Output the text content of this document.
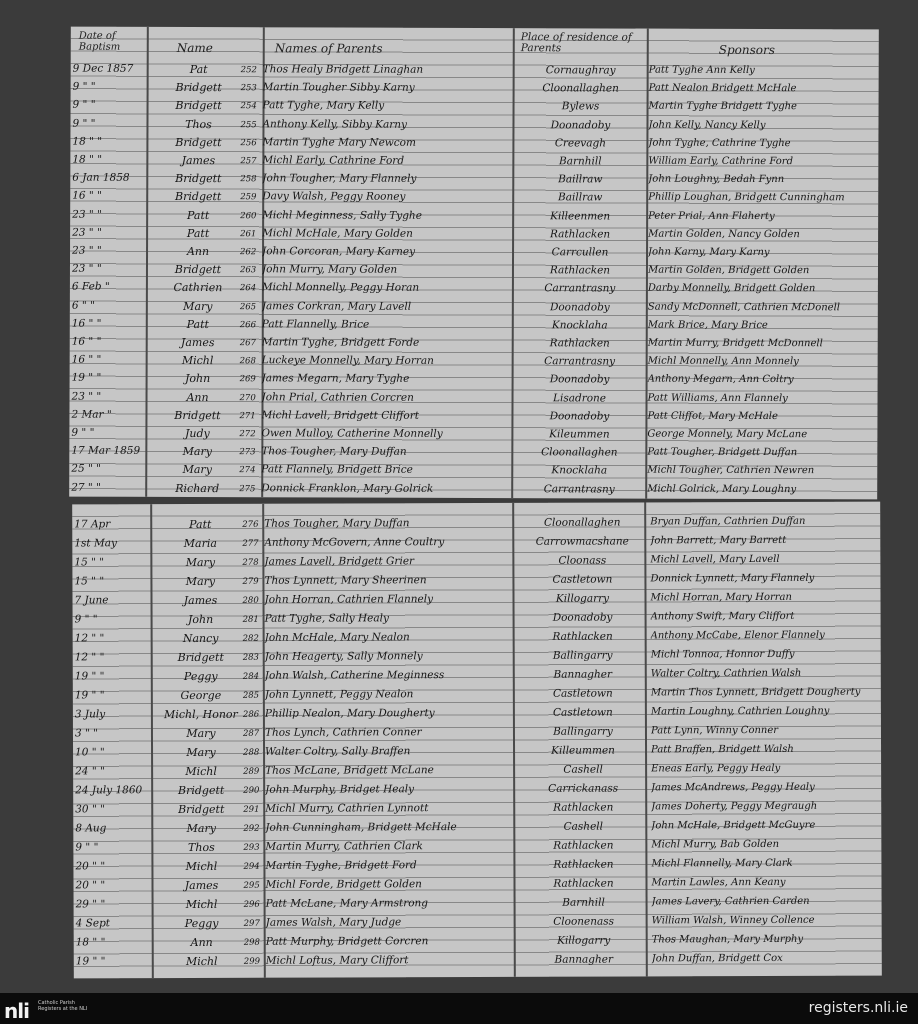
Date of Baptism	Name	Names of Parents
Place of residence of Parents	Sponsors
9 Dec 1857	Pat	252 Thos Healy Bridgett Linaghan	Cornaughray	Patt Tyghe Ann Kelly
9 " "	Bridgett	253 Martin Tougher Sibby Karny	Cloonallaghen	Patt Nealon Bridgett McHale
9 " "	Bridgett	254 Patt Tyghe, Mary Kelly	Bylews	Martin Tyghe Bridgett Tyghe
9 " "	Thos	255 Anthony Kelly, Sibby Karny	Doonadoby	John Kelly, Nancy Kelly
18 " "	Bridgett	256 Martin Tyghe Mary Newcom	Creevagh	John Tyghe, Cathrine Tyghe
18 " "	James	257 Michl Early, Cathrine Ford	Barnhill	William Early, Cathrine Ford
6 Jan 1858	Bridgett	258 John Tougher, Mary Flannely	Baillraw	John Loughny, Bedah Fynn
16 " "	Bridgett	259 Davy Walsh, Peggy Rooney	Baillraw	Phillip Loughan, Bridgett Cunningham
23 " "	Patt	260 Michl Meginness, Sally Tyghe	Killeenmen	Peter Prial, Ann Flaherty
23 " "	Patt	261 Michl McHale, Mary Golden	Rathlacken	Martin Golden, Nancy Golden
23 " "	Ann	262 John Corcoran, Mary Karney	Carrcullen	John Karny, Mary Karny
23 " "	Bridgett	263 John Murry, Mary Golden	Rathlacken	Martin Golden, Bridgett Golden
6 Feb "	Cathrien	264 Michl Monnelly, Peggy Horan	Carrantrasny	Darby Monnelly, Bridgett Golden
6 " "	Mary	265 James Corkran, Mary Lavell	Doonadoby	Sandy McDonnell, Cathrien McDonell
16 " "	Patt	266 Patt Flannelly, Brice	Knocklaha	Mark Brice, Mary Brice
16 " "	James	267 Martin Tyghe, Bridgett Forde	Rathlacken	Martin Murry, Bridgett McDonnell
16 " "	Michl	268 Luckeye Monnelly, Mary Horran	Carrantrasny	Michl Monnelly, Ann Monnely
19 " "	John	269 James Megarn, Mary Tyghe	Doonadoby	Anthony Megarn, Ann Coltry
23 " "	Ann	270 John Prial, Cathrien Corcren	Lisadrone	Patt Williams, Ann Flannely
2 Mar "	Bridgett	271 Michl Lavell, Bridgett Cliffort	Doonadoby	Patt Cliffot, Mary McHale
9 " "	Judy	272 Owen Mulloy, Catherine Monnelly	Kileummen	George Monnely, Mary McLane
17 Mar 1859	Mary	273 Thos Tougher, Mary Duffan	Cloonallaghen	Patt Tougher, Bridgett Duffan
25 " "	Mary	274 Patt Flannely, Bridgett Brice	Knocklaha	Michl Tougher, Cathrien Newren
27 " "	Richard	275 Donnick Franklon, Mary Golrick	Carrantrasny	Michl Golrick, Mary Loughny
17 Apr	Patt	276 Thos Tougher, Mary Duffan	Cloonallaghen	Bryan Duffan, Cathrien Duffan
1st May	Maria	277 Anthony McGovern, Anne Coultry	Carrowmacshane	John Barrett, Mary Barrett
15 " "	Mary	278 James Lavell, Bridgett Grier	Cloonass	Michl Lavell, Mary Lavell
15 " "	Mary	279 Thos Lynnett, Mary Sheerinen	Castletown	Donnick Lynnett, Mary Flannely
7 June	James	280 John Horran, Cathrien Flannely	Killogarry	Michl Horran, Mary Horran
9 " "	John	281 Patt Tyghe, Sally Healy	Doonadoby	Anthony Swift, Mary Cliffort
12 " "	Nancy	282 John McHale, Mary Nealon	Rathlacken	Anthony McCabe, Elenor Flannely
12 " "	Bridgett	283 John Heagerty, Sally Monnely	Ballingarry	Michl Tonnoa, Honnor Duffy
19 " "	Peggy	284 John Walsh, Catherine Meginness	Bannagher	Walter Coltry, Cathrien Walsh
19 " "	George	285 John Lynnett, Peggy Nealon	Castletown	Martin Thos Lynnett, Bridgett Dougherty
3 July	Michl, Honor 286 Phillip Nealon, Mary Dougherty	Castletown	Martin Loughny, Cathrien Loughny
3 " "	Mary	287 Thos Lynch, Cathrien Conner	Ballingarry	Patt Lynn, Winny Conner
10 " "	Mary	288 Walter Coltry, Sally Braffen	Killeummen	Patt Braffen, Bridgett Walsh
24 " "	Michl	289 Thos McLane, Bridgett McLane	Cashell	Eneas Early, Peggy Healy
24 July 1860	Bridgett	290 John Murphy, Bridget Healy	Carrickanass	James McAndrews, Peggy Healy
30 " "	Bridgett	291 Michl Murry, Cathrien Lynnott	Rathlacken	James Doherty, Peggy Megraugh
8 Aug	Mary	292 John Cunningham, Bridgett McHale	Cashell	John McHale, Bridgett McGuyre
9 " "	Thos	293 Martin Murry, Cathrien Clark	Rathlacken	Michl Murry, Bab Golden
20 " "	Michl	294 Martin Tyghe, Bridgett Ford	Rathlacken	Michl Flannelly, Mary Clark
20 " "	James	295 Michl Forde, Bridgett Golden	Rathlacken	Martin Lawles, Ann Keany
29 " "	Michl	296 Patt McLane, Mary Armstrong	Barnhill	James Lavery, Cathrien Carden
4 Sept	Peggy	297 James Walsh, Mary Judge	Cloonenass	William Walsh, Winney Collence
18 " "	Ann	298 Patt Murphy, Bridgett Corcren	Killogarry	Thos Maughan, Mary Murphy
19 " "	Michl	299 Michl Loftus, Mary Cliffort	Bannagher	John Duffan, Bridgett Cox
nli Catholic Parish Registers at the NLI	registers.nli.ie
